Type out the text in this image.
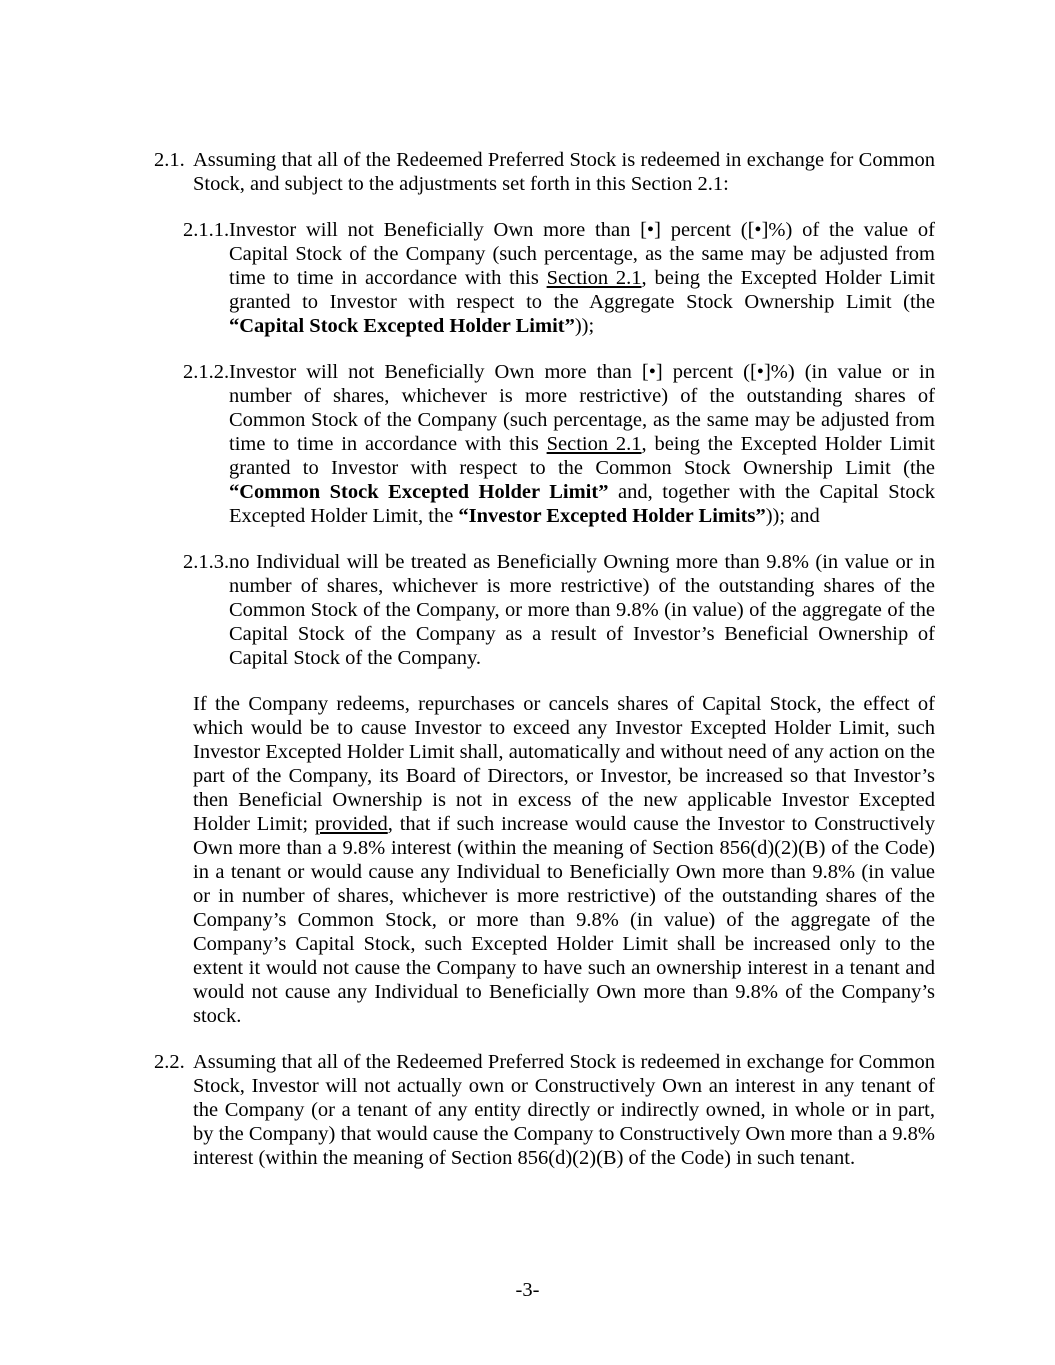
2.1. Assuming that all of the Redeemed Preferred Stock is redeemed in exchange for Common Stock, and subject to the adjustments set forth in this Section 2.1:
2.1.1. Investor will not Beneficially Own more than [•] percent ([•]%) of the value of Capital Stock of the Company (such percentage, as the same may be adjusted from time to time in accordance with this Section 2.1, being the Excepted Holder Limit granted to Investor with respect to the Aggregate Stock Ownership Limit (the “Capital Stock Excepted Holder Limit”));
2.1.2. Investor will not Beneficially Own more than [•] percent ([•]%) (in value or in number of shares, whichever is more restrictive) of the outstanding shares of Common Stock of the Company (such percentage, as the same may be adjusted from time to time in accordance with this Section 2.1, being the Excepted Holder Limit granted to Investor with respect to the Common Stock Ownership Limit (the “Common Stock Excepted Holder Limit” and, together with the Capital Stock Excepted Holder Limit, the “Investor Excepted Holder Limits”)); and
2.1.3. no Individual will be treated as Beneficially Owning more than 9.8% (in value or in number of shares, whichever is more restrictive) of the outstanding shares of the Common Stock of the Company, or more than 9.8% (in value) of the aggregate of the Capital Stock of the Company as a result of Investor’s Beneficial Ownership of Capital Stock of the Company.
If the Company redeems, repurchases or cancels shares of Capital Stock, the effect of which would be to cause Investor to exceed any Investor Excepted Holder Limit, such Investor Excepted Holder Limit shall, automatically and without need of any action on the part of the Company, its Board of Directors, or Investor, be increased so that Investor’s then Beneficial Ownership is not in excess of the new applicable Investor Excepted Holder Limit; provided, that if such increase would cause the Investor to Constructively Own more than a 9.8% interest (within the meaning of Section 856(d)(2)(B) of the Code) in a tenant or would cause any Individual to Beneficially Own more than 9.8% (in value or in number of shares, whichever is more restrictive) of the outstanding shares of the Company’s Common Stock, or more than 9.8% (in value) of the aggregate of the Company’s Capital Stock, such Excepted Holder Limit shall be increased only to the extent it would not cause the Company to have such an ownership interest in a tenant and would not cause any Individual to Beneficially Own more than 9.8% of the Company’s stock.
2.2. Assuming that all of the Redeemed Preferred Stock is redeemed in exchange for Common Stock, Investor will not actually own or Constructively Own an interest in any tenant of the Company (or a tenant of any entity directly or indirectly owned, in whole or in part, by the Company) that would cause the Company to Constructively Own more than a 9.8% interest (within the meaning of Section 856(d)(2)(B) of the Code) in such tenant.
-3-
